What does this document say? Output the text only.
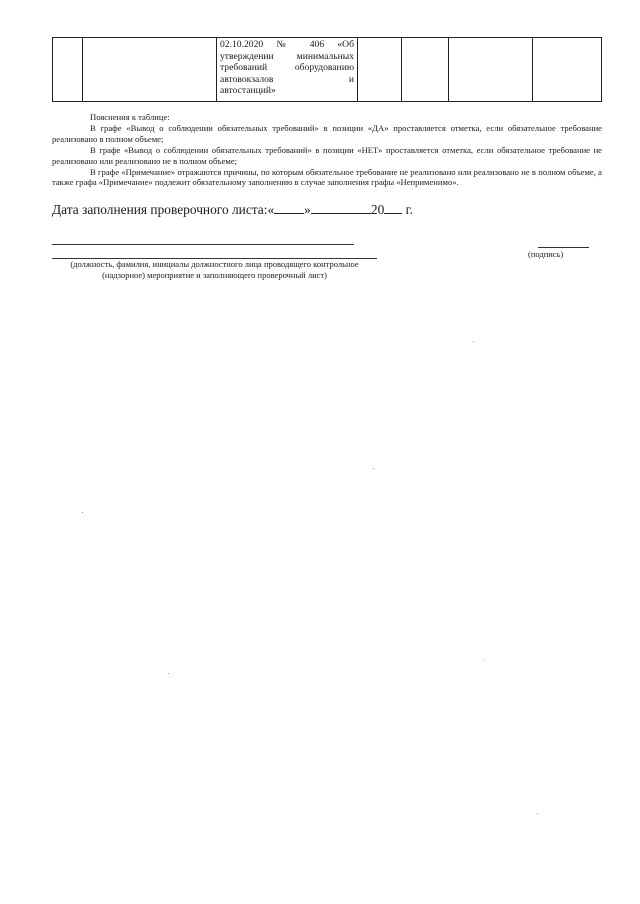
02.10.2020 № 406 «Об
утверждении минимальных
требований оборудованию
автовокзалов и
автостанций»

Пояснения к таблице:
В графе «Вывод о соблюдении обязательных требований» в позиции «ДА» проставляется отметка, если обязательное требование реализовано в полном объеме;
В графе «Вывод о соблюдении обязательных требований» в позиции «НЕТ» проставляется отметка, если обязательное требование не реализовано или реализовано не в полном объеме;
В графе «Примечание» отражаются причины, по которым обязательное требование не реализовано или реализовано не в полном объеме, а также графа «Примечание» подлежит обязательному заполнению в случае заполнения графы «Неприменимо».
Дата заполнения проверочного листа:« »	20 г.
(должность, фамилия, инициалы должностного лица проводящего контрольное (надзорное) мероприятие и заполняющего проверочный лист)
(подпись)
